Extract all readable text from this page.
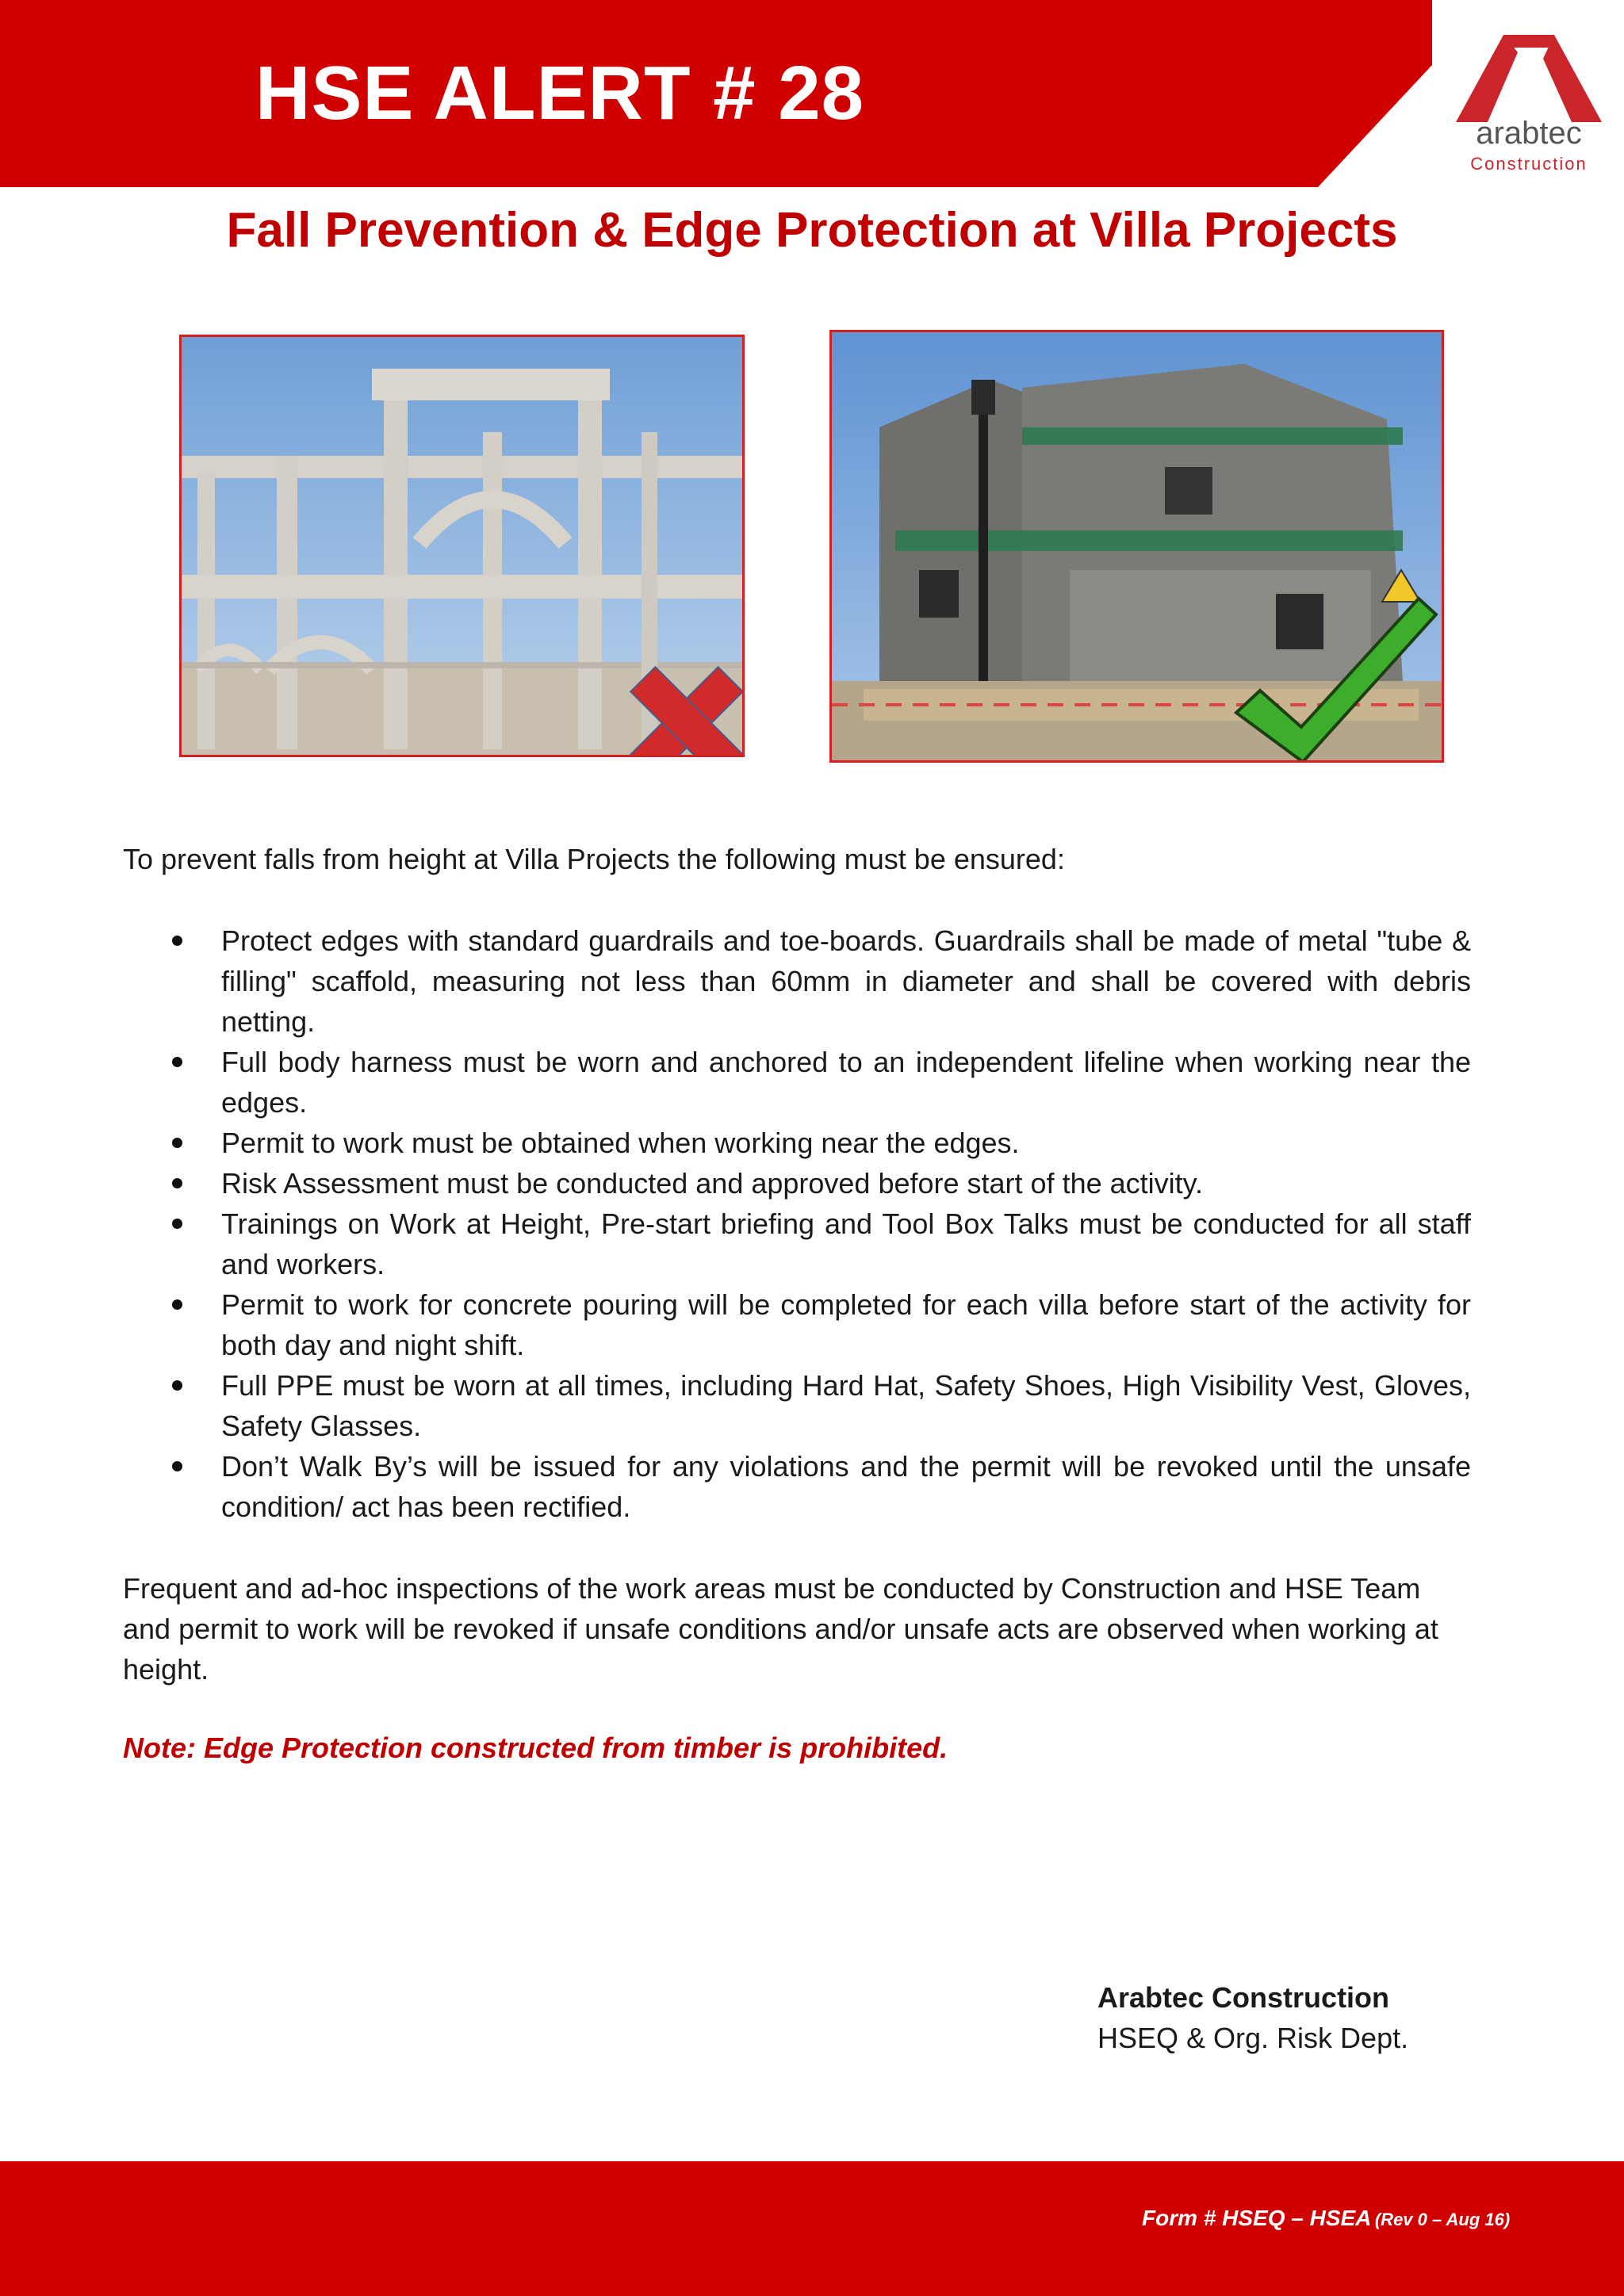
HSE ALERT # 28	arabtec
Construction
Fall Prevention & Edge Protection at Villa Projects

To prevent falls from height at Villa Projects the following must be ensured:

Protect edges with standard guardrails and toe-boards. Guardrails shall be made of metal "tube & filling" scaffold, measuring not less than 60mm in diameter and shall be covered with debris netting.
Full body harness must be worn and anchored to an independent lifeline when working near the edges.
Permit to work must be obtained when working near the edges.
Risk Assessment must be conducted and approved before start of the activity.
Trainings on Work at Height, Pre-start briefing and Tool Box Talks must be conducted for all staff and workers.
Permit to work for concrete pouring will be completed for each villa before start of the activity for both day and night shift.
Full PPE must be worn at all times, including Hard Hat, Safety Shoes, High Visibility Vest, Gloves, Safety Glasses.
Don’t Walk By’s will be issued for any violations and the permit will be revoked until the unsafe condition/ act has been rectified.

Frequent and ad-hoc inspections of the work areas must be conducted by Construction and HSE Team and permit to work will be revoked if unsafe conditions and/or unsafe acts are observed when working at height.

Note: Edge Protection constructed from timber is prohibited.

Arabtec Construction
HSEQ & Org. Risk Dept.
Form # HSEQ – HSEA (Rev 0 – Aug 16)
